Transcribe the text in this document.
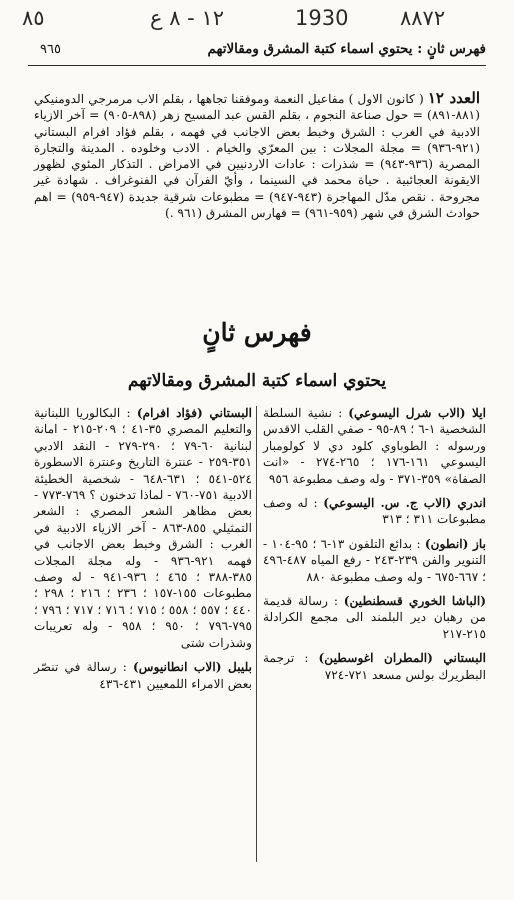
٨٥	١٢ - ٨ ع	1930 ٨٨٧٢
فهرس ثانٍ : يحتوي اسماء كتبة المشرق ومقالاتهم
٩٦٥
العدد ١٢ ( كانون الاول ) مفاعيل النعمة وموفقنا تجاهها ، بقلم الاب مرمرجي الدومنيكي (٨٨١-٨٩١) = حول صناعة النجوم ، بقلم القس عبد المسيح زهر (٨٩٨-٩٠٥) = آخر الازياء الادبية في الغرب : الشرق وخبط بعض الاجانب في فهمه ، بقلم فؤاد افرام البستاني (٩٢١-٩٣٦) = مجلة المجلات : بين المعرّي والخيام . الادب وخلوده . المدينة والتجارة المصرية (٩٣٦-٩٤٣) = شذرات : عادات الاردنيين في الامراض . التذكار المئوي لظهور الايقونة العجائبية . حياة محمد في السينما ، وأيّ الفرآن في الفنوغراف . شهادة غير مجروحة . نقص مدّل المهاجرة (٩٤٣-٩٤٧) = مطبوعات شرقية جديدة (٩٤٧-٩٥٩) = اهم حوادث الشرق في شهر (٩٥٩-٩٦١) = فهارس المشرق (٩٦١ .)
فهرس ثانٍ
يحتوي اسماء كتبة المشرق ومقالاتهم

ايلا (الاب شرل اليسوعي) : نشية السلطة الشخصية ١-٦ ؛ ٨٩-٩٥ - صفي القلب الاقدس ورسوله : الطوباوي كلود دي لا كولومبار اليسوعي ١٦١-١٧٦ ؛ ٢٦٥-٢٧٤ - «انت الصفاة» ٣٥٩-٣٧١ - وله وصف مطبوعة ٩٥٦

اندري (الاب ج. س. اليسوعي) : له وصف مطبوعات ٣١١ ؛ ٣١٣

باز (انطون) : بدائع التلفون ١٣-٦ ؛ ٩٥-١٠٤ - التنوير والفن ٢٣٩-٢٤٣ - رفع المياه ٤٨٧-٤٩٦ ؛ ٦٦٧-٦٧٥ - وله وصف مطبوعة ٨٨٠

(الباشا الخوري قسطنطين) : رسالة قديمة من رهبان دير البلمند الى مجمع الكرادلة ٢١٥-٢١٧

البستاني (المطران اغوسطين) : ترجمة البطريرك بولس مسعد ٧٢١-٧٢٤

البستاني (فؤاد افرام) : البكالوريا اللبنانية والتعليم المصري ٣٥-٤١ ؛ ٢٠٩-٢١٥ - امانة لبنانية ٦٠-٧٩ ؛ ٢٩٠-٢٧٩ - النقد الادبي ٣٥١-٢٥٩ - عنترة التاريخ وعنترة الاسطورة ٥٢٤-٥٤١ ؛ ٦٣١-٦٤٨ - شخصية الخطيئة الادبية ٧٥١-٧٦٠ - لماذا تدخنون ؟ ٧٦٩-٧٧٣ - بعض مظاهر الشعر المصري : الشعر التمثيلي ٨٥٥-٨٦٣ - آخر الازياء الادبية في الغرب : الشرق وخبط بعض الاجانب في فهمه ٩٢١-٩٣٦ - وله مجلة المجلات ٣٨٥-٣٨٨ ؛ ٤٦٥ ؛ ٩٣٦-٩٤١ - له وصف مطبوعات ١٥٥-١٥٧ ؛ ٢٣٦ ؛ ٢١٦ ؛ ٢٩٨ ؛ ٤٤٠ ؛ ٥٥٧ ؛ ٥٥٨ ؛ ٧١٥ ؛ ٧١٦ ؛ ٧١٧ ؛ ٧٩٦ ؛ ٧٩٥-٧٩٦ ؛ ٩٥٠ ؛ ٩٥٨ - وله تعريبات وشذرات شتى

بليبل (الاب انطانيوس) : رسالة في تنصّر بعض الامراء اللمعيين ٤٣١-٤٣٦
